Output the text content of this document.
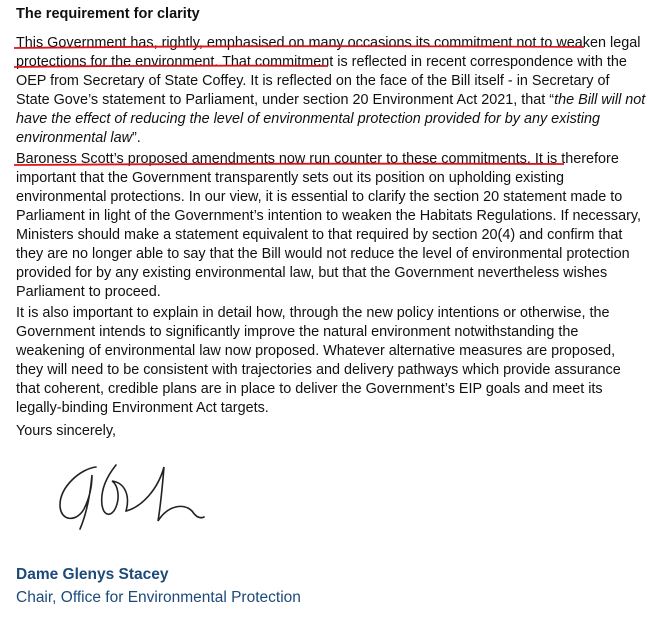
The requirement for clarity

This Government has, rightly, emphasised on many occasions its commitment not to weaken legal protections for the environment. That commitment is reflected in recent correspondence with the OEP from Secretary of State Coffey. It is reflected on the face of the Bill itself - in Secretary of State Gove’s statement to Parliament, under section 20 Environment Act 2021, that “the Bill will not have the effect of reducing the level of environmental protection provided for by any existing environmental law”.

Baroness Scott’s proposed amendments now run counter to these commitments. It is therefore important that the Government transparently sets out its position on upholding existing environmental protections. In our view, it is essential to clarify the section 20 statement made to Parliament in light of the Government’s intention to weaken the Habitats Regulations. If necessary, Ministers should make a statement equivalent to that required by section 20(4) and confirm that they are no longer able to say that the Bill would not reduce the level of environmental protection provided for by any existing environmental law, but that the Government nevertheless wishes Parliament to proceed.

It is also important to explain in detail how, through the new policy intentions or otherwise, the Government intends to significantly improve the natural environment notwithstanding the weakening of environmental law now proposed. Whatever alternative measures are proposed, they will need to be consistent with trajectories and delivery pathways which provide assurance that coherent, credible plans are in place to deliver the Government’s EIP goals and meet its legally-binding Environment Act targets.

Yours sincerely,

Dame Glenys Stacey

Chair, Office for Environmental Protection
